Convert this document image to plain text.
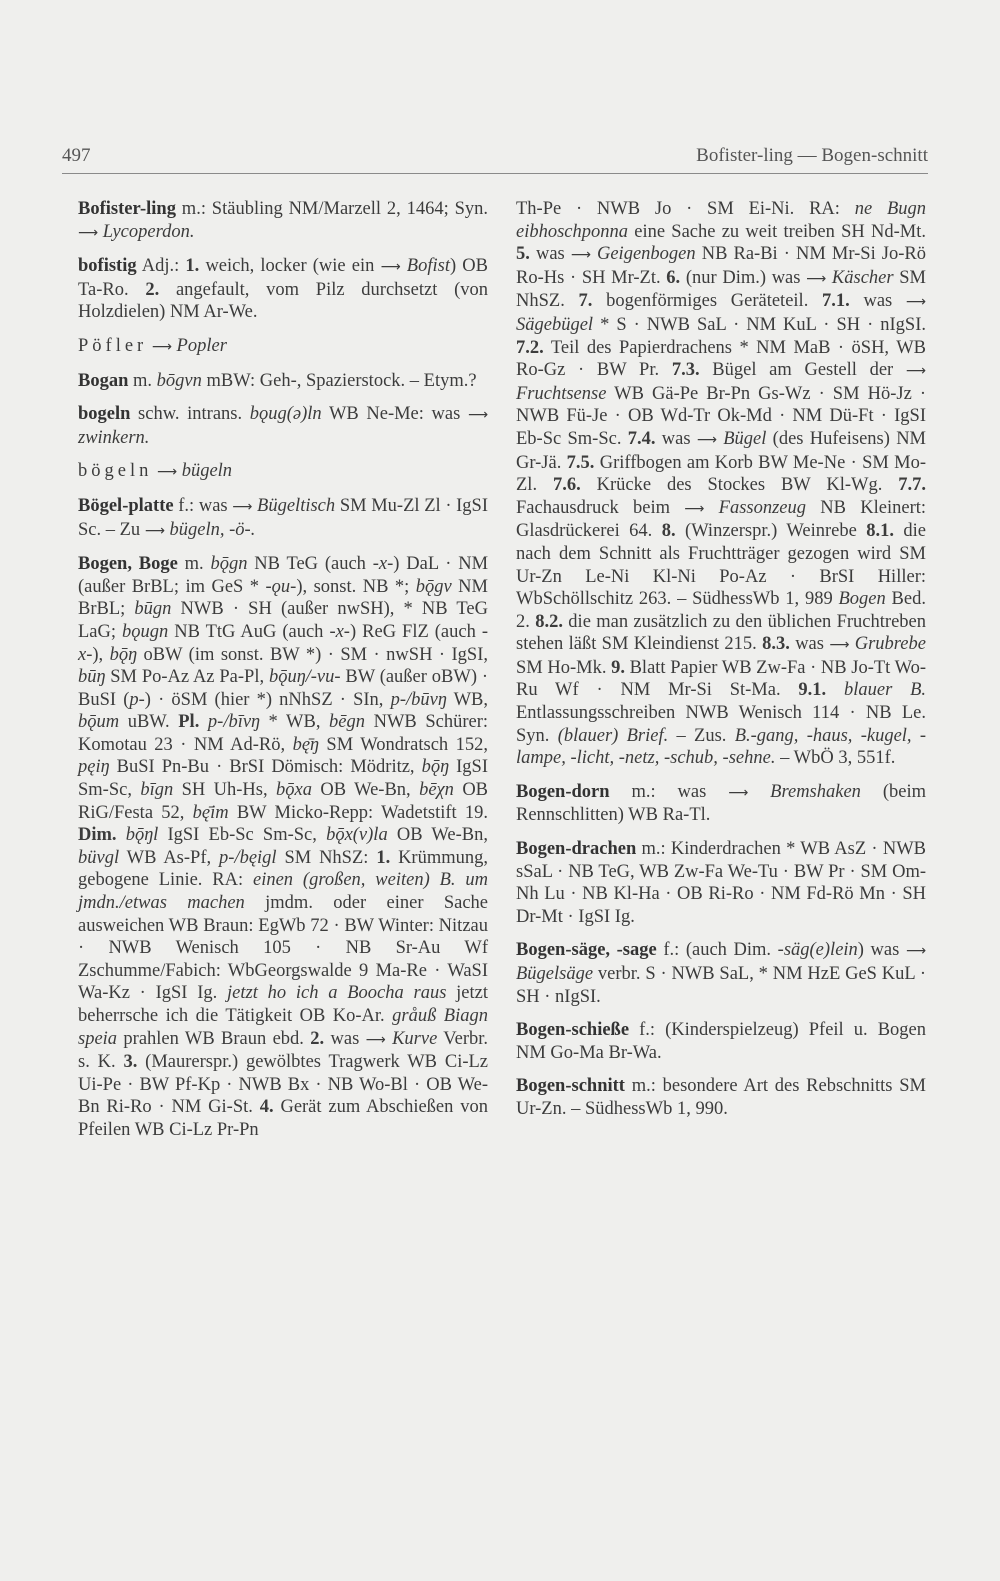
497	Bofister-ling — Bogen-schnitt

Bofister-ling m.: Stäubling NM/Marzell 2, 1464; Syn. ⟶ Lycoperdon.

bofistig Adj.: 1. weich, locker (wie ein ⟶ Bofist) OB Ta-Ro. 2. angefault, vom Pilz durchsetzt (von Holzdielen) NM Ar-We.

Pöfler ⟶ Popler

Bogan m. bōgvn mBW: Geh-, Spazierstock. – Etym.?

bogeln schw. intrans. bǫug(ə)ln WB Ne-Me: was ⟶ zwinkern.

bögeln ⟶ bügeln

Bögel-platte f.: was ⟶ Bügeltisch SM Mu-Zl Zl · IgSI Sc. – Zu ⟶ bügeln, -ö-.

Bogen, Boge m. bǭgn NB TeG (auch -x-) DaL · NM (außer BrBL; im GeS * -ǫu-), sonst. NB *; bǭgv NM BrBL; būgn NWB · SH (außer nwSH), * NB TeG LaG; bǫugn NB TtG AuG (auch -x-) ReG FlZ (auch -x-), bǭŋ oBW (im sonst. BW *) · SM · nwSH · IgSI, būŋ SM Po-Az Az Pa-Pl, bǭuŋ/-vu- BW (außer oBW) · BuSI (p-) · öSM (hier *) nNhSZ · SIn, p-/būvŋ WB, bǭum uBW. Pl. p-/bīvŋ * WB, bēgn NWB Schürer: Komotau 23 · NM Ad-Rö, bę̄ŋ SM Wondratsch 152, pęiŋ BuSI Pn-Bu · BrSI Dömisch: Mödritz, bǭŋ IgSI Sm-Sc, bīgn SH Uh-Hs, bǭxa OB We-Bn, bēχn OB RiG/Festa 52, bę̄im BW Micko-Repp: Wadetstift 19. Dim. bǭŋl IgSI Eb-Sc Sm-Sc, bǭx(v)la OB We-Bn, büvgl WB As-Pf, p-/bęigl SM NhSZ: 1. Krümmung, gebogene Linie. RA: einen (großen, weiten) B. um jmdn./etwas machen jmdm. oder einer Sache ausweichen WB Braun: EgWb 72 · BW Winter: Nitzau · NWB Wenisch 105 · NB Sr-Au Wf Zschumme/Fabich: WbGeorgswalde 9 Ma-Re · WaSI Wa-Kz · IgSI Ig. jetzt ho ich a Boocha raus jetzt beherrsche ich die Tätigkeit OB Ko-Ar. gråuß Biagn speia prahlen WB Braun ebd. 2. was ⟶ Kurve Verbr. s. K. 3. (Maurerspr.) gewölbtes Tragwerk WB Ci-Lz Ui-Pe · BW Pf-Kp · NWB Bx · NB Wo-Bl · OB We-Bn Ri-Ro · NM Gi-St. 4. Gerät zum Abschießen von Pfeilen WB Ci-Lz Pr-Pn

Th-Pe · NWB Jo · SM Ei-Ni. RA: ne Bugn eibhoschponna eine Sache zu weit treiben SH Nd-Mt. 5. was ⟶ Geigenbogen NB Ra-Bi · NM Mr-Si Jo-Rö Ro-Hs · SH Mr-Zt. 6. (nur Dim.) was ⟶ Käscher SM NhSZ. 7. bogenförmiges Geräteteil. 7.1. was ⟶ Sägebügel * S · NWB SaL · NM KuL · SH · nIgSI. 7.2. Teil des Papierdrachens * NM MaB · öSH, WB Ro-Gz · BW Pr. 7.3. Bügel am Gestell der ⟶ Fruchtsense WB Gä-Pe Br-Pn Gs-Wz · SM Hö-Jz · NWB Fü-Je · OB Wd-Tr Ok-Md · NM Dü-Ft · IgSI Eb-Sc Sm-Sc. 7.4. was ⟶ Bügel (des Hufeisens) NM Gr-Jä. 7.5. Griffbogen am Korb BW Me-Ne · SM Mo-Zl. 7.6. Krücke des Stockes BW Kl-Wg. 7.7. Fachausdruck beim ⟶ Fassonzeug NB Kleinert: Glasdrückerei 64. 8. (Winzerspr.) Weinrebe 8.1. die nach dem Schnitt als Fruchtträger gezogen wird SM Ur-Zn Le-Ni Kl-Ni Po-Az · BrSI Hiller: WbSchöllschitz 263. – SüdhessWb 1, 989 Bogen Bed. 2. 8.2. die man zusätzlich zu den üblichen Fruchtreben stehen läßt SM Kleindienst 215. 8.3. was ⟶ Grubrebe SM Ho-Mk. 9. Blatt Papier WB Zw-Fa · NB Jo-Tt Wo-Ru Wf · NM Mr-Si St-Ma. 9.1. blauer B. Entlassungsschreiben NWB Wenisch 114 · NB Le. Syn. (blauer) Brief. – Zus. B.-gang, -haus, -kugel, -lampe, -licht, -netz, -schub, -sehne. – WbÖ 3, 551f.

Bogen-dorn m.: was ⟶ Bremshaken (beim Rennschlitten) WB Ra-Tl.

Bogen-drachen m.: Kinderdrachen * WB AsZ · NWB sSaL · NB TeG, WB Zw-Fa We-Tu · BW Pr · SM Om-Nh Lu · NB Kl-Ha · OB Ri-Ro · NM Fd-Rö Mn · SH Dr-Mt · IgSI Ig.

Bogen-säge, -sage f.: (auch Dim. -säg(e)lein) was ⟶ Bügelsäge verbr. S · NWB SaL, * NM HzE GeS KuL · SH · nIgSI.

Bogen-schieße f.: (Kinderspielzeug) Pfeil u. Bogen NM Go-Ma Br-Wa.

Bogen-schnitt m.: besondere Art des Rebschnitts SM Ur-Zn. – SüdhessWb 1, 990.
